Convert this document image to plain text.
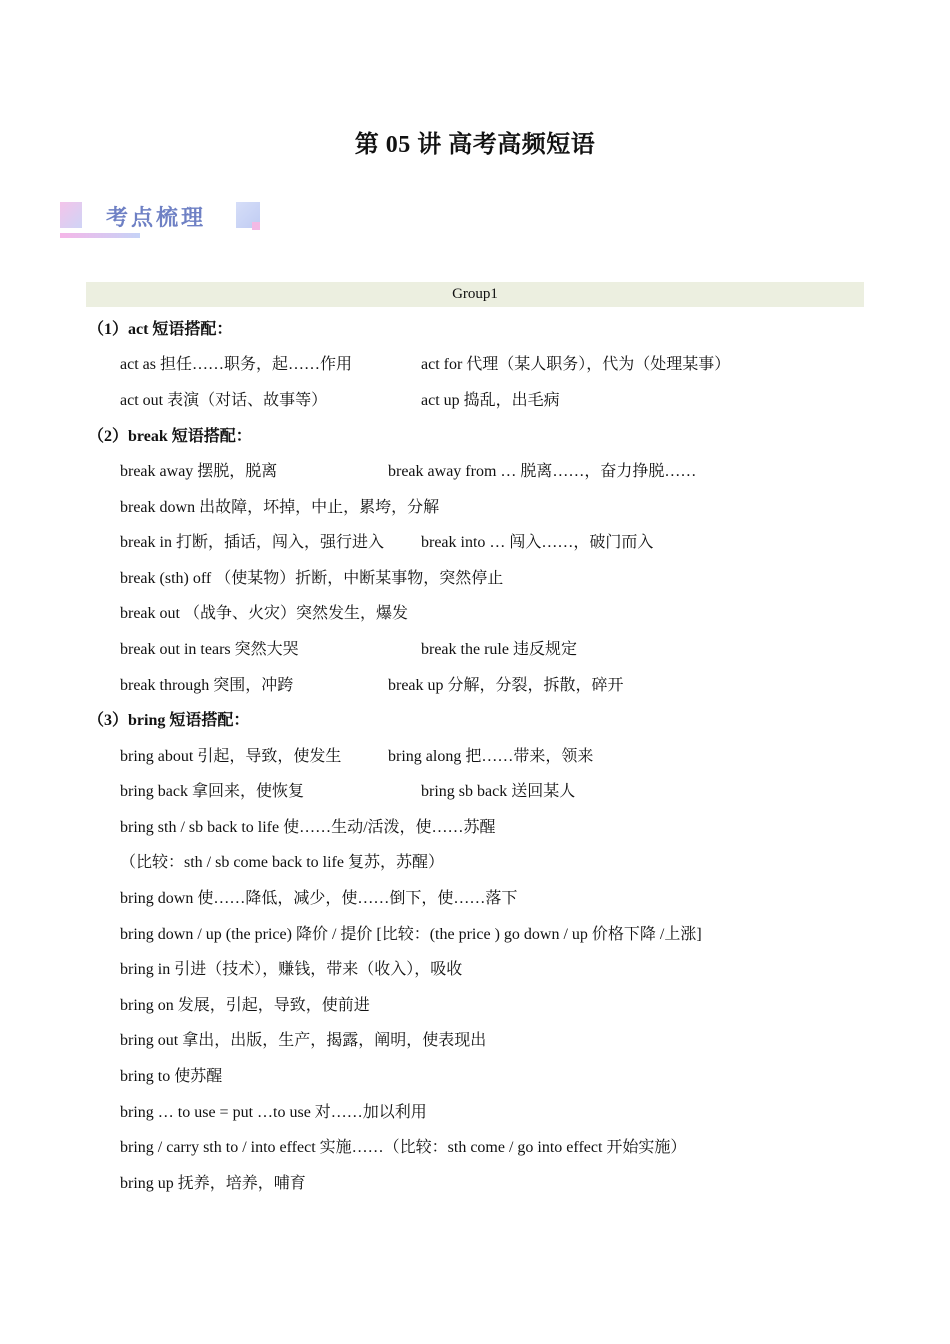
第 05 讲 高考高频短语
考点梳理
Group1
（1）act 短语搭配：
act as 担任……职务，起……作用	act for 代理（某人职务），代为（处理某事）
act out 表演（对话、故事等）	act up 捣乱，出毛病
（2）break 短语搭配：
break away 摆脱，脱离	break away from … 脱离……，奋力挣脱……
break down 出故障，坏掉，中止，累垮，分解
break in 打断，插话，闯入，强行进入 break into … 闯入……，破门而入
break (sth) off （使某物）折断，中断某事物，突然停止
break out （战争、火灾）突然发生，爆发
break out in tears 突然大哭	break the rule 违反规定
break through 突围，冲跨	break up 分解，分裂，拆散，碎开
（3）bring 短语搭配：
bring about 引起，导致，使发生	bring along 把……带来，领来
bring back 拿回来，使恢复	bring sb back 送回某人
bring sth / sb back to life 使……生动/活泼，使……苏醒
（比较：sth / sb come back to life 复苏，苏醒）
bring down 使……降低，减少，使……倒下，使……落下
bring down / up (the price) 降价 / 提价 [比较：(the price ) go down / up 价格下降 /上涨]
bring in 引进（技术），赚钱，带来（收入），吸收
bring on 发展，引起，导致，使前进
bring out 拿出，出版，生产，揭露，阐明，使表现出
bring to 使苏醒
bring … to use = put …to use 对……加以利用
bring / carry sth to / into effect 实施……（比较：sth come / go into effect 开始实施）
bring up 抚养，培养，哺育
